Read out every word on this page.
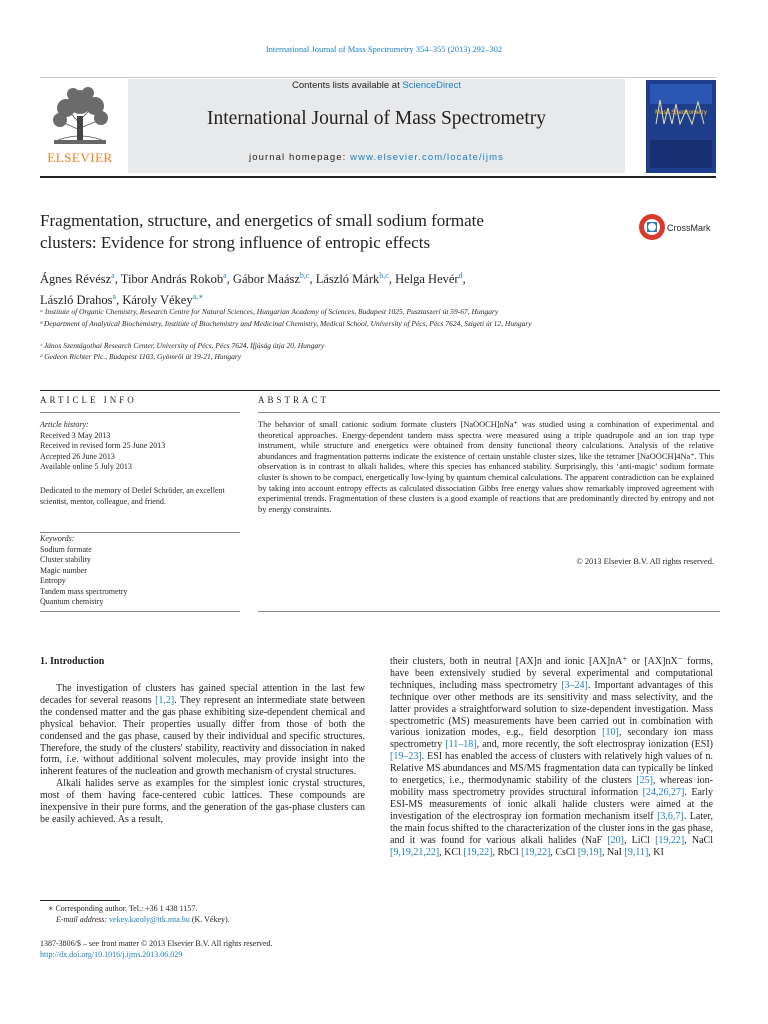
International Journal of Mass Spectrometry 354–355 (2013) 292–302
ELSEVIER
Contents lists available at ScienceDirect
International Journal of Mass Spectrometry
journal homepage: www.elsevier.com/locate/ijms
Mass Spectrometry
Fragmentation, structure, and energetics of small sodium formate
clusters: Evidence for strong influence of entropic effects
CrossMark
Ágnes Révész$^a$, Tibor András Rokob$^a$, Gábor Maász$^{b,c}$, László Márk$^{b,c}$, Helga Hevér$^d$,
László Drahos$^a$, Károly Vékey$^{a,∗}$
ᵃ Institute of Organic Chemistry, Research Centre for Natural Sciences, Hungarian Academy of Sciences, Budapest 1025, Pusztaszeri út 59-67, Hungary
ᵇ Department of Analytical Biochemistry, Institute of Biochemistry and Medicinal Chemistry, Medical School, University of Pécs, Pécs 7624, Szigeti út 12, Hungary
ᶜ János Szentágothai Research Center, University of Pécs, Pécs 7624, Ifjúság útja 20, Hungary
ᵈ Gedeon Richter Plc., Budapest 1103, Gyömrői út 19-21, Hungary
ARTICLE INFO
Article history:
Received 3 May 2013
Received in revised form 25 June 2013
Accepted 26 June 2013
Available online 5 July 2013
Dedicated to the memory of Detlef Schröder, an excellent scientist, mentor, colleague, and friend.
Keywords:
Sodium formate
Cluster stability
Magic number
Entropy
Tandem mass spectrometry
Quantum chemistry
ABSTRACT
The behavior of small cationic sodium formate clusters [NaOOCH]nNa⁺ was studied using a combination of experimental and theoretical approaches. Energy-dependent tandem mass spectra were measured using a triple quadrupole and an ion trap type instrument, while structure and energetics were obtained from density functional theory calculations. Analysis of the relative abundances and fragmentation patterns indicate the existence of certain unstable cluster sizes, like the tetramer [NaOOCH]4Na⁺. This observation is in contrast to alkali halides, where this species has enhanced stability. Surprisingly, this ‘anti-magic’ sodium formate cluster is shown to be compact, energetically low-lying by quantum chemical calculations. The apparent contradiction can be explained by taking into account entropy effects as calculated dissociation Gibbs free energy values show remarkably improved agreement with experimental trends. Fragmentation of these clusters is a good example of reactions that are predominantly directed by entropy and not by energy constraints.
© 2013 Elsevier B.V. All rights reserved.
1. Introduction

The investigation of clusters has gained special attention in the last few decades for several reasons [1,2]. They represent an intermediate state between the condensed matter and the gas phase exhibiting size-dependent chemical and physical behavior. Their properties usually differ from those of both the condensed and the gas phase, caused by their individual and specific structures. Therefore, the study of the clusters' stability, reactivity and dissociation in naked form, i.e. without additional solvent molecules, may provide insight into the inherent features of the nucleation and growth mechanism of crystal structures.

Alkali halides serve as examples for the simplest ionic crystal structures, most of them having face-centered cubic lattices. These compounds are inexpensive in their pure forms, and the generation of the gas-phase clusters can be easily achieved. As a result,

their clusters, both in neutral [AX]n and ionic [AX]nA⁺ or [AX]nX⁻ forms, have been extensively studied by several experimental and computational techniques, including mass spectrometry [3–24]. Important advantages of this technique over other methods are its sensitivity and mass selectivity, and the latter provides a straightforward solution to size-dependent investigation. Mass spectrometric (MS) measurements have been carried out in combination with various ionization modes, e.g., field desorption [10], secondary ion mass spectrometry [11–18], and, more recently, the soft electrospray ionization (ESI) [19–23]. ESI has enabled the access of clusters with relatively high values of n. Relative MS abundances and MS/MS fragmentation data can typically be linked to energetics, i.e., thermodynamic stability of the clusters [25], whereas ion-mobility mass spectrometry provides structural information [24,26,27]. Early ESI-MS measurements of ionic alkali halide clusters were aimed at the investigation of the electrospray ion formation mechanism itself [3,6,7]. Later, the main focus shifted to the characterization of the cluster ions in the gas phase, and it was found for various alkali halides (NaF [20], LiCl [19,22], NaCl [9,19,21,22], KCl [19,22], RbCl [19,22], CsCl [9,19], NaI [9,11], KI

∗ Corresponding author. Tel.: +36 1 438 1157.
E-mail address: vekey.karoly@ttk.mta.hu (K. Vékey).
1387-3806/$ – see front matter © 2013 Elsevier B.V. All rights reserved.
http://dx.doi.org/10.1016/j.ijms.2013.06.029
